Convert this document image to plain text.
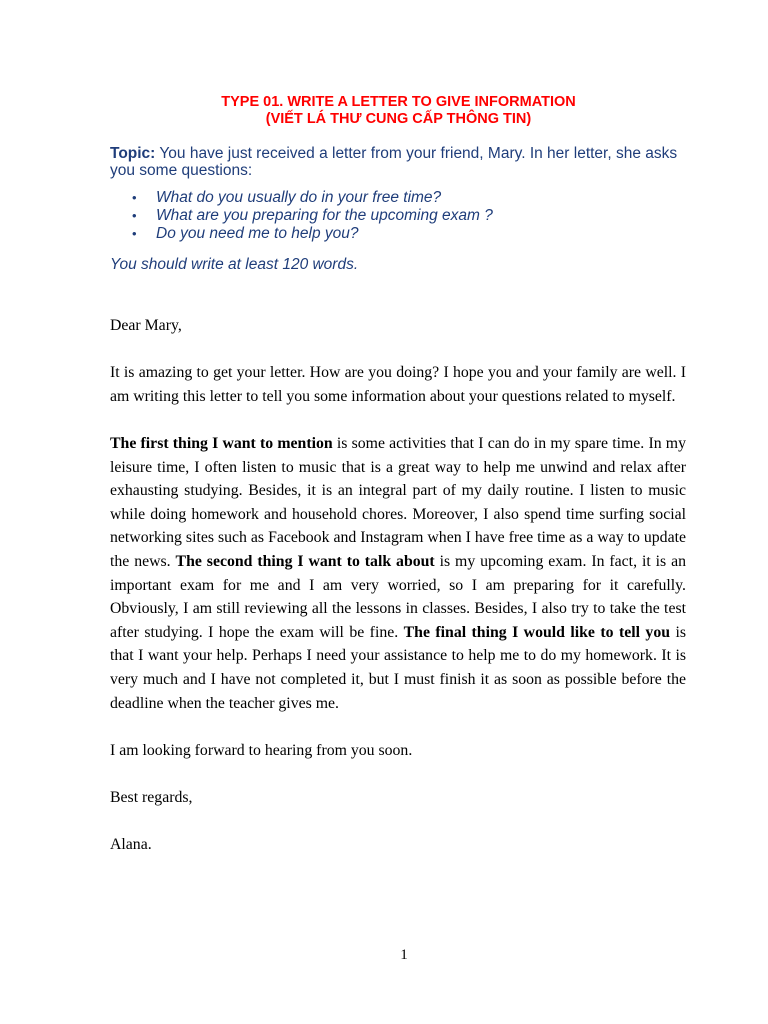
TYPE 01. WRITE A LETTER TO GIVE INFORMATION
(VIẾT LÁ THƯ CUNG CẤP THÔNG TIN)
Topic: You have just received a letter from your friend, Mary. In her letter, she asks you some questions:
• What do you usually do in your free time?
• What are you preparing for the upcoming exam ?
• Do you need me to help you?
You should write at least 120 words.

Dear Mary,

It is amazing to get your letter. How are you doing? I hope you and your family are well. I am writing this letter to tell you some information about your questions related to myself.

The first thing I want to mention is some activities that I can do in my spare time. In my leisure time, I often listen to music that is a great way to help me unwind and relax after exhausting studying. Besides, it is an integral part of my daily routine. I listen to music while doing homework and household chores. Moreover, I also spend time surfing social networking sites such as Facebook and Instagram when I have free time as a way to update the news. The second thing I want to talk about is my upcoming exam. In fact, it is an important exam for me and I am very worried, so I am preparing for it carefully. Obviously, I am still reviewing all the lessons in classes. Besides, I also try to take the test after studying. I hope the exam will be fine. The final thing I would like to tell you is that I want your help. Perhaps I need your assistance to help me to do my homework. It is very much and I have not completed it, but I must finish it as soon as possible before the deadline when the teacher gives me.

I am looking forward to hearing from you soon.

Best regards,

Alana.

1
